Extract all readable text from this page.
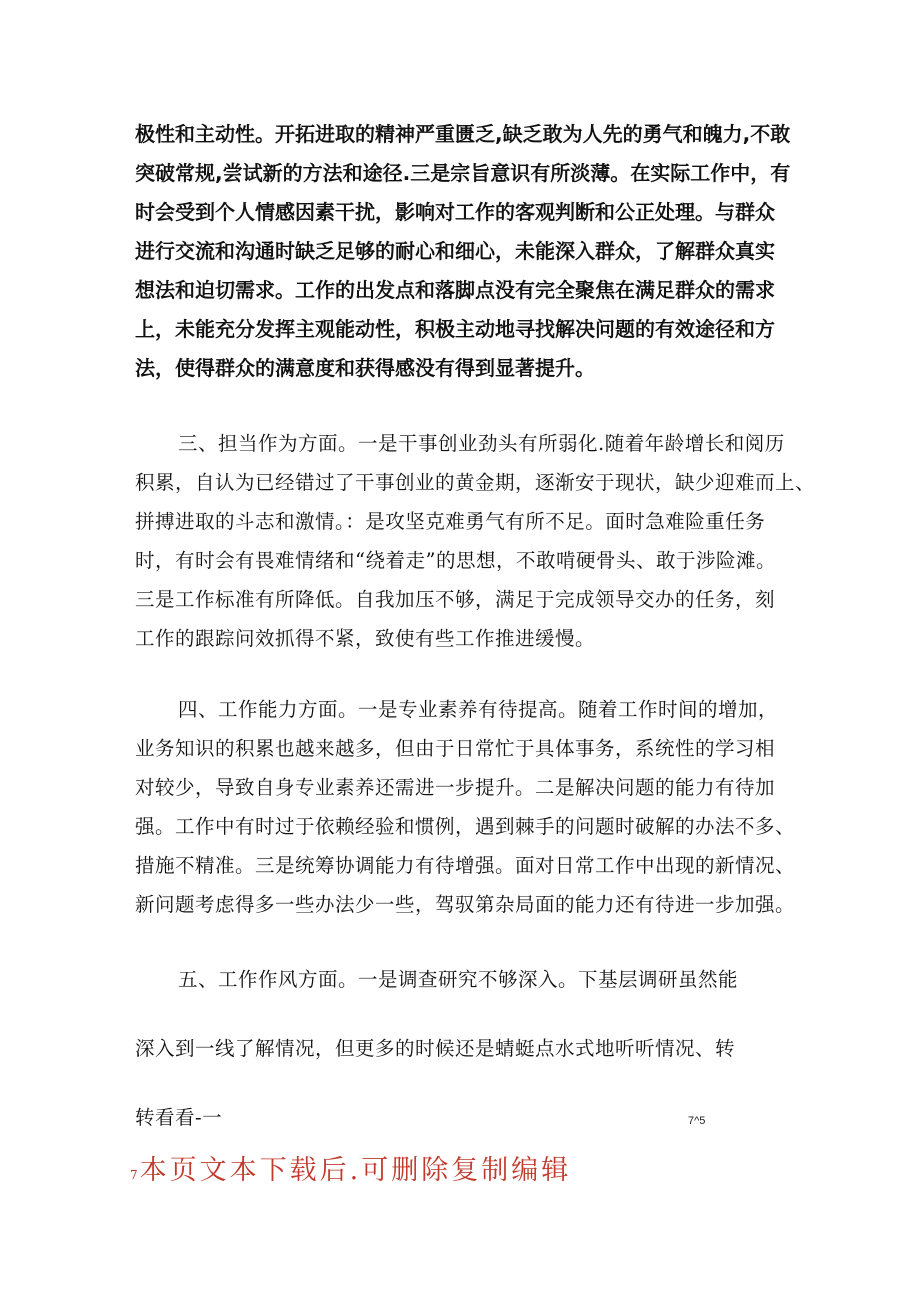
极性和主动性。开拓进取的精神严重匮乏,缺乏敢为人先的勇气和魄力,不敢
突破常规,尝试新的方法和途径.三是宗旨意识有所淡薄。在实际工作中，有
时会受到个人情感因素干扰，影响对工作的客观判断和公正处理。与群众
进行交流和沟通时缺乏足够的耐心和细心，未能深入群众，了解群众真实
想法和迫切需求。工作的出发点和落脚点没有完全聚焦在满足群众的需求
上，未能充分发挥主观能动性，积极主动地寻找解决问题的有效途径和方
法，使得群众的满意度和获得感没有得到显著提升。
三、担当作为方面。一是干事创业劲头有所弱化.随着年龄增长和阅历
积累，自认为已经错过了干事创业的黄金期，逐渐安于现状，缺少迎难而上、
拼搏进取的斗志和激情。：是攻坚克难勇气有所不足。面时急难险重任务
时，有时会有畏难情绪和“绕着走”的思想，不敢啃硬骨头、敢于涉险滩。
三是工作标准有所降低。自我加压不够，满足于完成领导交办的任务，刻
工作的跟踪问效抓得不紧，致使有些工作推进缓慢。
四、工作能力方面。一是专业素养有待提高。随着工作时间的增加，
业务知识的积累也越来越多，但由于日常忙于具体事务，系统性的学习相
对较少，导致自身专业素养还需进一步提升。二是解决问题的能力有待加
强。工作中有时过于依赖经验和惯例，遇到棘手的问题时破解的办法不多、
措施不精准。三是统筹协调能力有待增强。面对日常工作中出现的新情况、
新问题考虑得多一些办法少一些，驾驭第杂局面的能力还有待进一步加强。
五、工作作风方面。一是调查研究不够深入。下基层调研虽然能
深入到一线了解情况，但更多的时候还是蜻蜓点水式地听听情况、转
转看看-一	7^5
7本页文本下载后.可删除复制编辑
